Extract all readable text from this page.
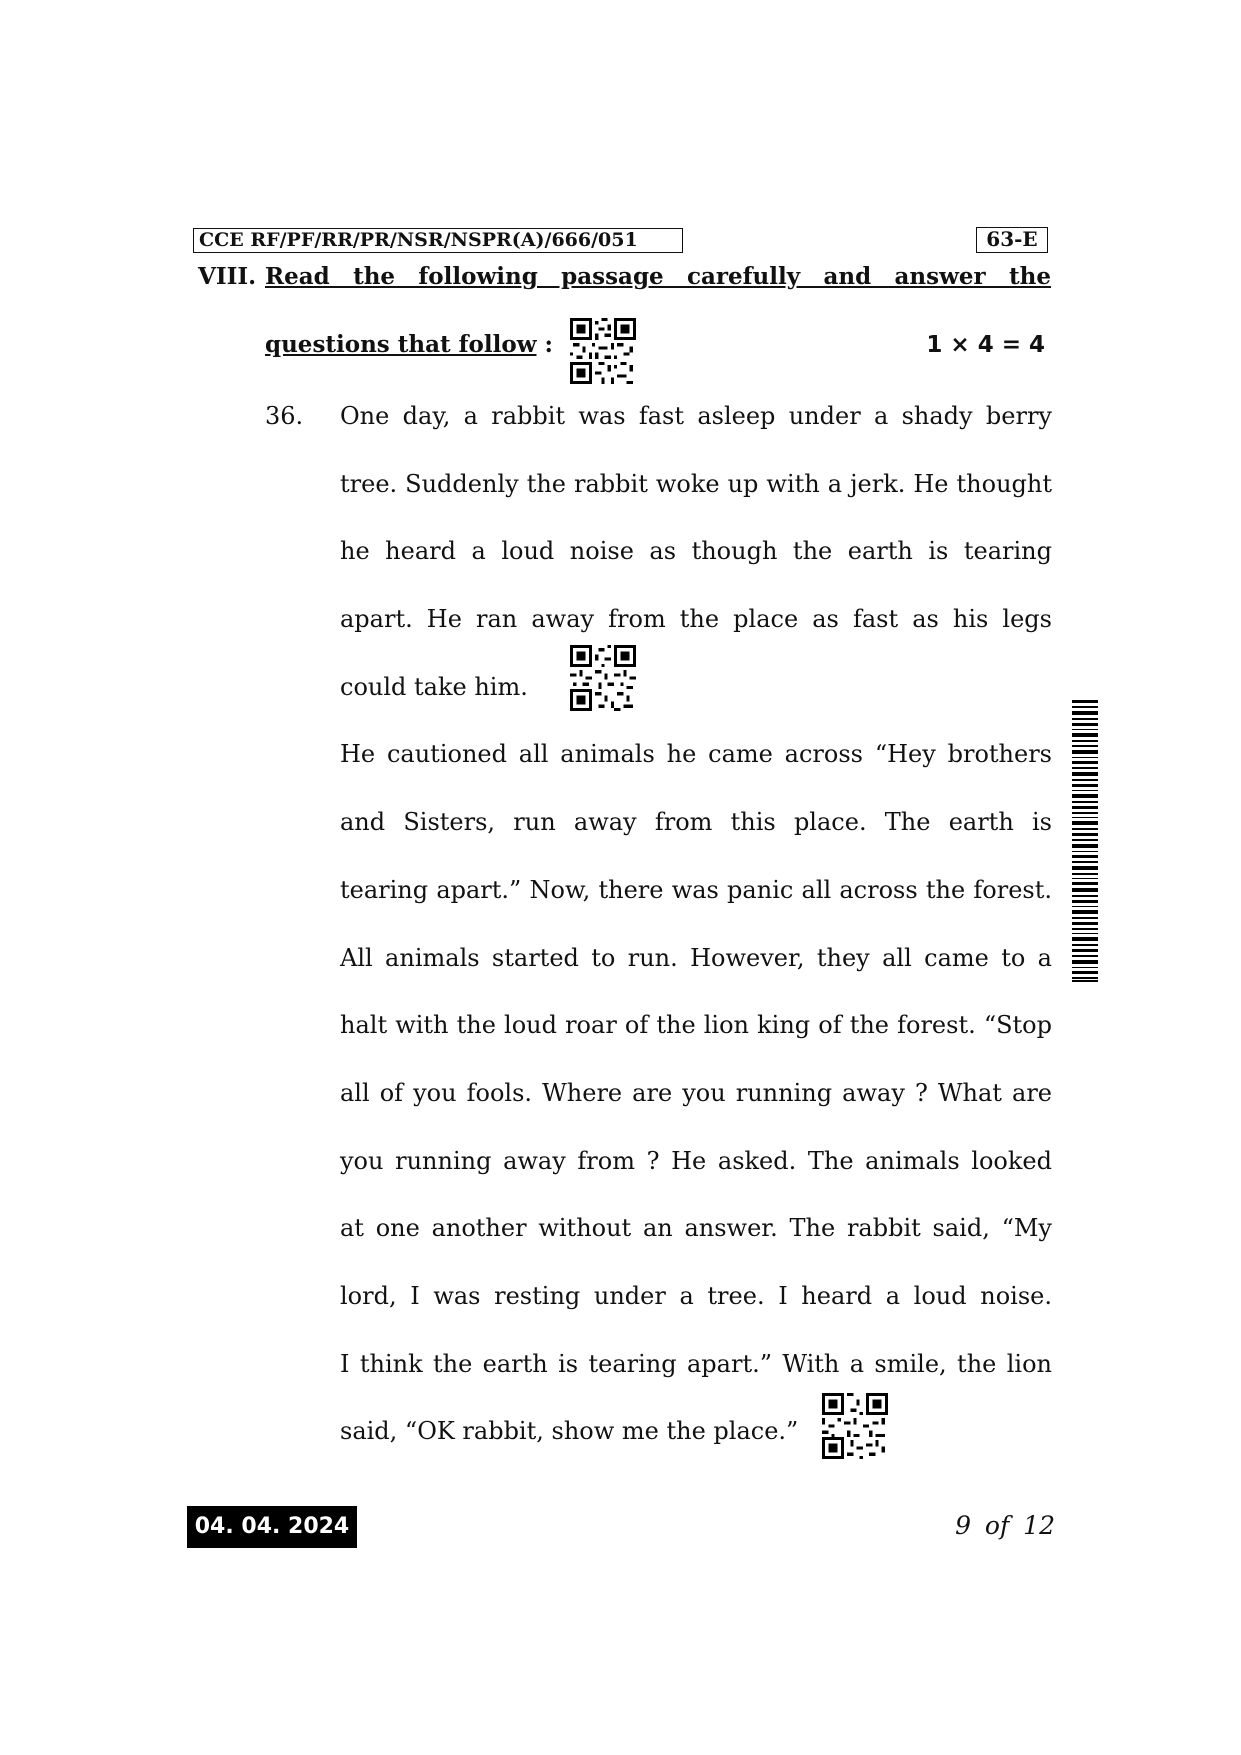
CCE RF/PF/RR/PR/NSR/NSPR(A)/666/051	63-E
VIII. Read the following passage carefully and answer the
questions that follow :	1 × 4 = 4
36. One day, a rabbit was fast asleep under a shady berry
tree. Suddenly the rabbit woke up with a jerk. He thought
he heard a loud noise as though the earth is tearing
apart. He ran away from the place as fast as his legs
could take him.
He cautioned all animals he came across “Hey brothers
and Sisters, run away from this place. The earth is
tearing apart.” Now, there was panic all across the forest.
All animals started to run. However, they all came to a
halt with the loud roar of the lion king of the forest. “Stop
all of you fools. Where are you running away ? What are
you running away from ? He asked. The animals looked
at one another without an answer. The rabbit said, “My
lord, I was resting under a tree. I heard a loud noise.
I think the earth is tearing apart.” With a smile, the lion
said, “OK rabbit, show me the place.”
04. 04. 2024	9 of 12
